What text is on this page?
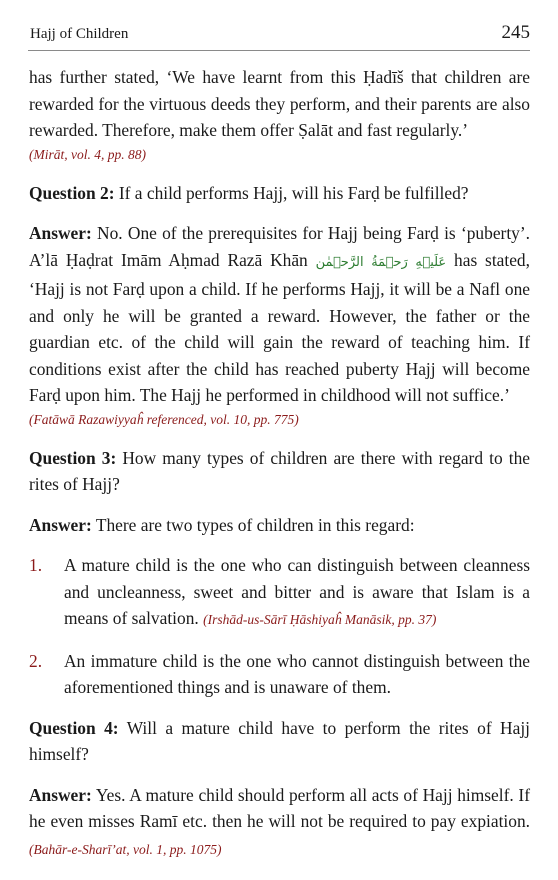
Hajj of Children	245

has further stated, ‘We have learnt from this Ḥadīš that children are rewarded for the virtuous deeds they perform, and their parents are also rewarded. Therefore, make them offer Ṣalāt and fast regularly.’
(Mirāt, vol. 4, pp. 88)

Question 2: If a child performs Hajj, will his Farḍ be fulfilled?

Answer: No. One of the prerequisites for Hajj being Farḍ is ‘puberty’. A’lā Ḥaḍrat Imām Aḥmad Razā Khān عَلَيۡهِ رَحۡمَةُ الرَّحۡمٰن has stated, ‘Hajj is not Farḍ upon a child. If he performs Hajj, it will be a Nafl one and only he will be granted a reward. However, the father or the guardian etc. of the child will gain the reward of teaching him. If conditions exist after the child has reached puberty Hajj will become Farḍ upon him. The Hajj he performed in childhood will not suffice.’
(Fatāwā Razawiyyaĥ referenced, vol. 10, pp. 775)

Question 3: How many types of children are there with regard to the rites of Hajj?

Answer: There are two types of children in this regard:

1. A mature child is the one who can distinguish between cleanness and uncleanness, sweet and bitter and is aware that Islam is a means of salvation. (Irshād-us-Sārī Ḥāshiyaĥ Manāsik, pp. 37)

2. An immature child is the one who cannot distinguish between the aforementioned things and is unaware of them.

Question 4: Will a mature child have to perform the rites of Hajj himself?

Answer: Yes. A mature child should perform all acts of Hajj himself. If he even misses Ramī etc. then he will not be required to pay expiation. (Bahār-e-Sharī’at, vol. 1, pp. 1075)
